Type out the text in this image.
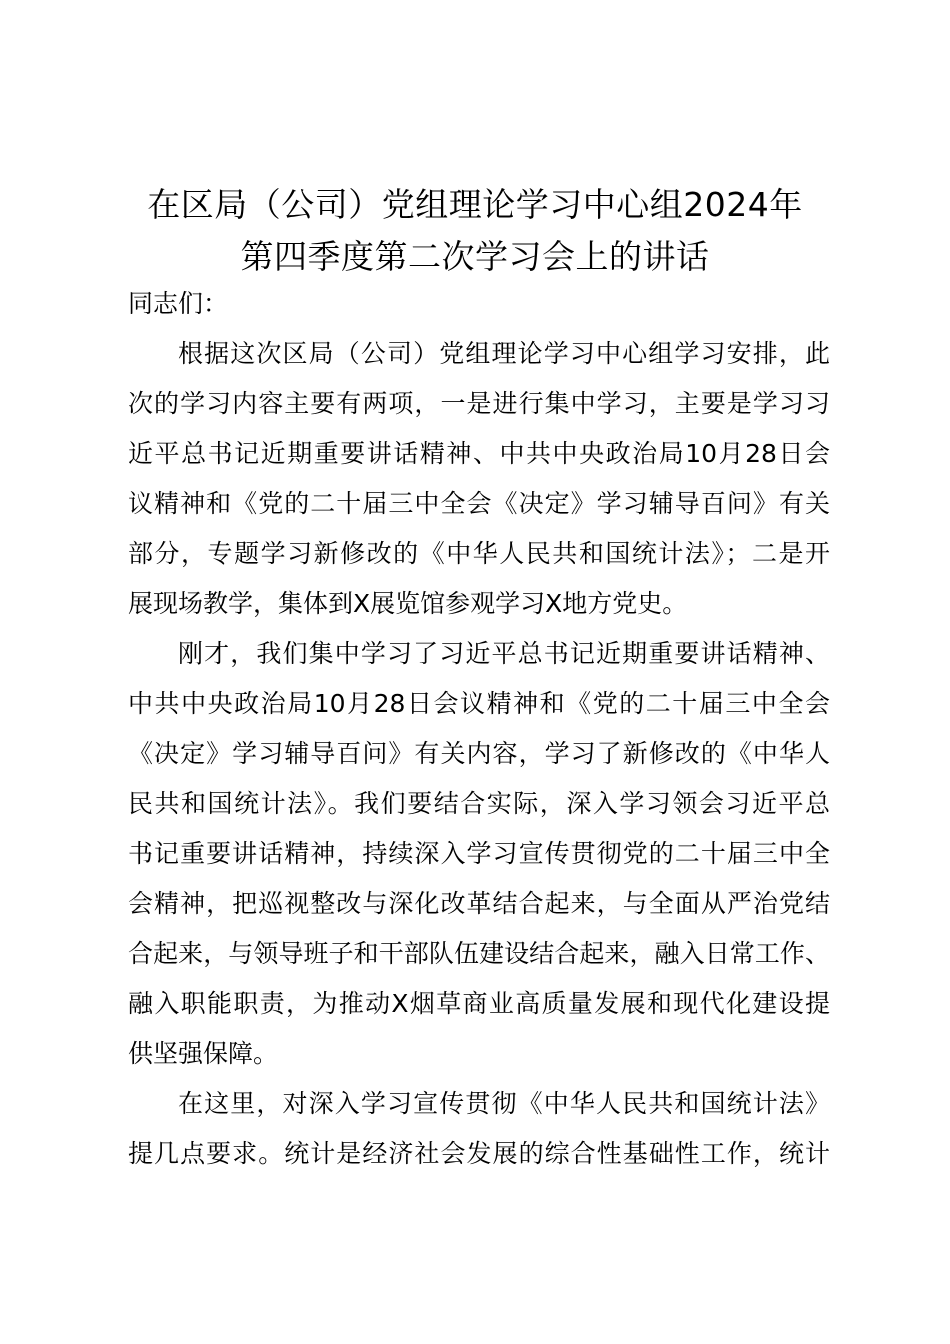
在区局（公司）党组理论学习中心组2024年
第四季度第二次学习会上的讲话
同志们：
根据这次区局（公司）党组理论学习中心组学习安排，此
次的学习内容主要有两项，一是进行集中学习，主要是学习习
近平总书记近期重要讲话精神、中共中央政治局10月28日会
议精神和《党的二十届三中全会《决定》学习辅导百问》有关
部分，专题学习新修改的《中华人民共和国统计法》；二是开
展现场教学，集体到X展览馆参观学习X地方党史。
刚才，我们集中学习了习近平总书记近期重要讲话精神、
中共中央政治局10月28日会议精神和《党的二十届三中全会
《决定》学习辅导百问》有关内容，学习了新修改的《中华人
民共和国统计法》。我们要结合实际，深入学习领会习近平总
书记重要讲话精神，持续深入学习宣传贯彻党的二十届三中全
会精神，把巡视整改与深化改革结合起来，与全面从严治党结
合起来，与领导班子和干部队伍建设结合起来，融入日常工作、
融入职能职责，为推动X烟草商业高质量发展和现代化建设提
供坚强保障。
在这里，对深入学习宣传贯彻《中华人民共和国统计法》
提几点要求。统计是经济社会发展的综合性基础性工作，统计
